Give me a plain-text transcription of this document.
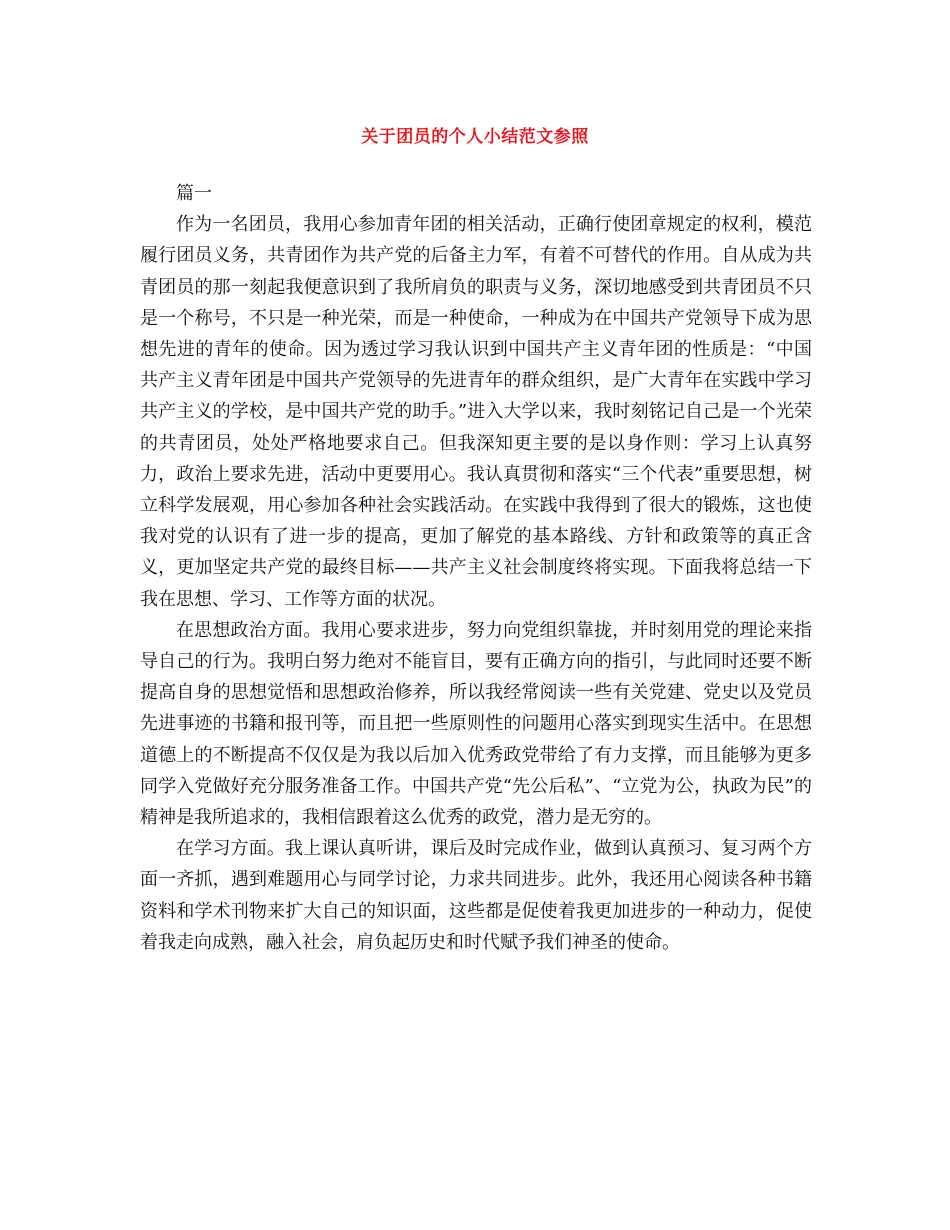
关于团员的个人小结范文参照

篇一

作为一名团员，我用心参加青年团的相关活动，正确行使团章规定的权利，模范履行团员义务，共青团作为共产党的后备主力军，有着不可替代的作用。自从成为共青团员的那一刻起我便意识到了我所肩负的职责与义务，深切地感受到共青团员不只是一个称号，不只是一种光荣，而是一种使命，一种成为在中国共产党领导下成为思想先进的青年的使命。因为透过学习我认识到中国共产主义青年团的性质是：“中国共产主义青年团是中国共产党领导的先进青年的群众组织，是广大青年在实践中学习共产主义的学校，是中国共产党的助手。”进入大学以来，我时刻铭记自己是一个光荣的共青团员，处处严格地要求自己。但我深知更主要的是以身作则：学习上认真努力，政治上要求先进，活动中更要用心。我认真贯彻和落实“三个代表”重要思想，树立科学发展观，用心参加各种社会实践活动。在实践中我得到了很大的锻炼，这也使我对党的认识有了进一步的提高，更加了解党的基本路线、方针和政策等的真正含义，更加坚定共产党的最终目标——共产主义社会制度终将实现。下面我将总结一下我在思想、学习、工作等方面的状况。

在思想政治方面。我用心要求进步，努力向党组织靠拢，并时刻用党的理论来指导自己的行为。我明白努力绝对不能盲目，要有正确方向的指引，与此同时还要不断提高自身的思想觉悟和思想政治修养，所以我经常阅读一些有关党建、党史以及党员先进事迹的书籍和报刊等，而且把一些原则性的问题用心落实到现实生活中。在思想道德上的不断提高不仅仅是为我以后加入优秀政党带给了有力支撑，而且能够为更多同学入党做好充分服务准备工作。中国共产党“先公后私”、“立党为公，执政为民”的精神是我所追求的，我相信跟着这么优秀的政党，潜力是无穷的。

在学习方面。我上课认真听讲，课后及时完成作业，做到认真预习、复习两个方面一齐抓，遇到难题用心与同学讨论，力求共同进步。此外，我还用心阅读各种书籍资料和学术刊物来扩大自己的知识面，这些都是促使着我更加进步的一种动力，促使着我走向成熟，融入社会，肩负起历史和时代赋予我们神圣的使命。
